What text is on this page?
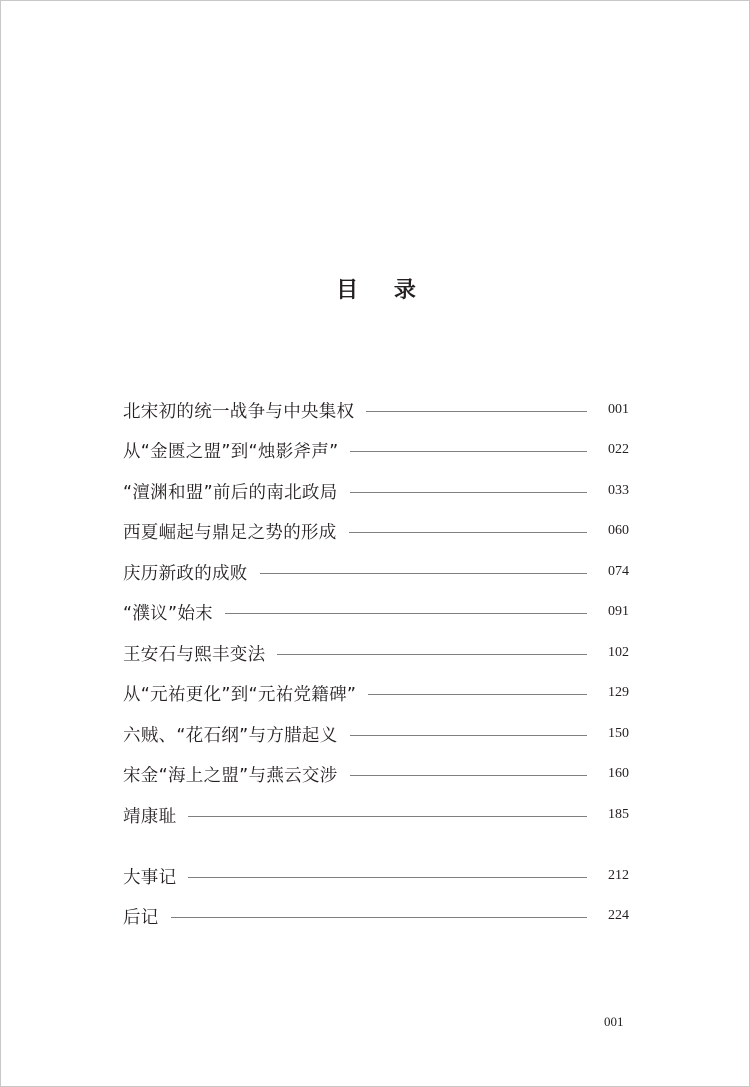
目 录
北宋初的统一战争与中央集权	001
从“金匮之盟”到“烛影斧声”	022
“澶渊和盟”前后的南北政局	033
西夏崛起与鼎足之势的形成	060
庆历新政的成败	074
“濮议”始末	091
王安石与熙丰变法	102
从“元祐更化”到“元祐党籍碑”	129
六贼、“花石纲”与方腊起义	150
宋金“海上之盟”与燕云交涉	160
靖康耻	185
大事记	212
后记	224
001
